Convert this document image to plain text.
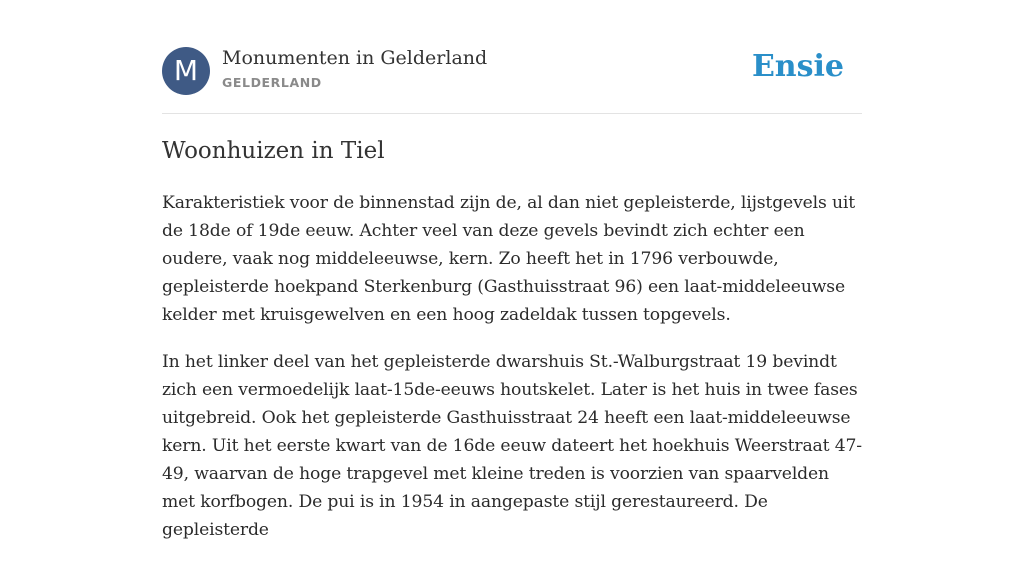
M	Monumenten in Gelderland
GELDERLAND	Ensie
Woonhuizen in Tiel

Karakteristiek voor de binnenstad zijn de, al dan niet gepleisterde, lijstgevels uit de 18de of 19de eeuw. Achter veel van deze gevels bevindt zich echter een oudere, vaak nog middeleeuwse, kern. Zo heeft het in 1796 verbouwde, gepleisterde hoekpand Sterkenburg (Gasthuisstraat 96) een laat-middeleeuwse kelder met kruisgewelven en een hoog zadeldak tussen topgevels.

In het linker deel van het gepleisterde dwarshuis St.-Walburgstraat 19 bevindt zich een vermoedelijk laat-15de-eeuws houtskelet. Later is het huis in twee fases uitgebreid. Ook het gepleisterde Gasthuisstraat 24 heeft een laat-middeleeuwse kern. Uit het eerste kwart van de 16de eeuw dateert het hoekhuis Weerstraat 47-49, waarvan de hoge trapgevel met kleine treden is voorzien van spaarvelden met korfbogen. De pui is in 1954 in aangepaste stijl gerestaureerd. De gepleisterde
